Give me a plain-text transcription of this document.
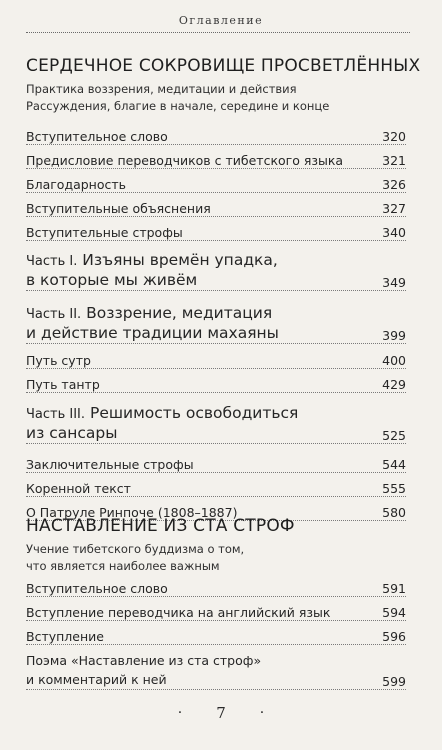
Оглавление
СЕРДЕЧНОЕ СОКРОВИЩЕ ПРОСВЕТЛЁННЫХ
Практика воззрения, медитации и действия
Рассуждения, благие в начале, середине и конце
Вступительное слово	320
Предисловие переводчиков с тибетского языка	321
Благодарность	326
Вступительные объяснения	327
Вступительные строфы	340
Часть I. Изъяны времён упадка,
в которые мы живём	349
Часть II. Воззрение, медитация
и действие традиции махаяны	399
Путь сутр	400
Путь тантр	429
Часть III. Решимость освободиться
из сансары	525
Заключительные строфы	544
Коренной текст	555
О Патруле Ринпоче (1808–1887)	580
НАСТАВЛЕНИЕ ИЗ СТА СТРОФ
Учение тибетского буддизма о том,
что является наиболее важным
Вступительное слово	591
Вступление переводчика на английский язык	594
Вступление	596
Поэма «Наставление из ста строф»
и комментарий к ней	599
· 7 ·
